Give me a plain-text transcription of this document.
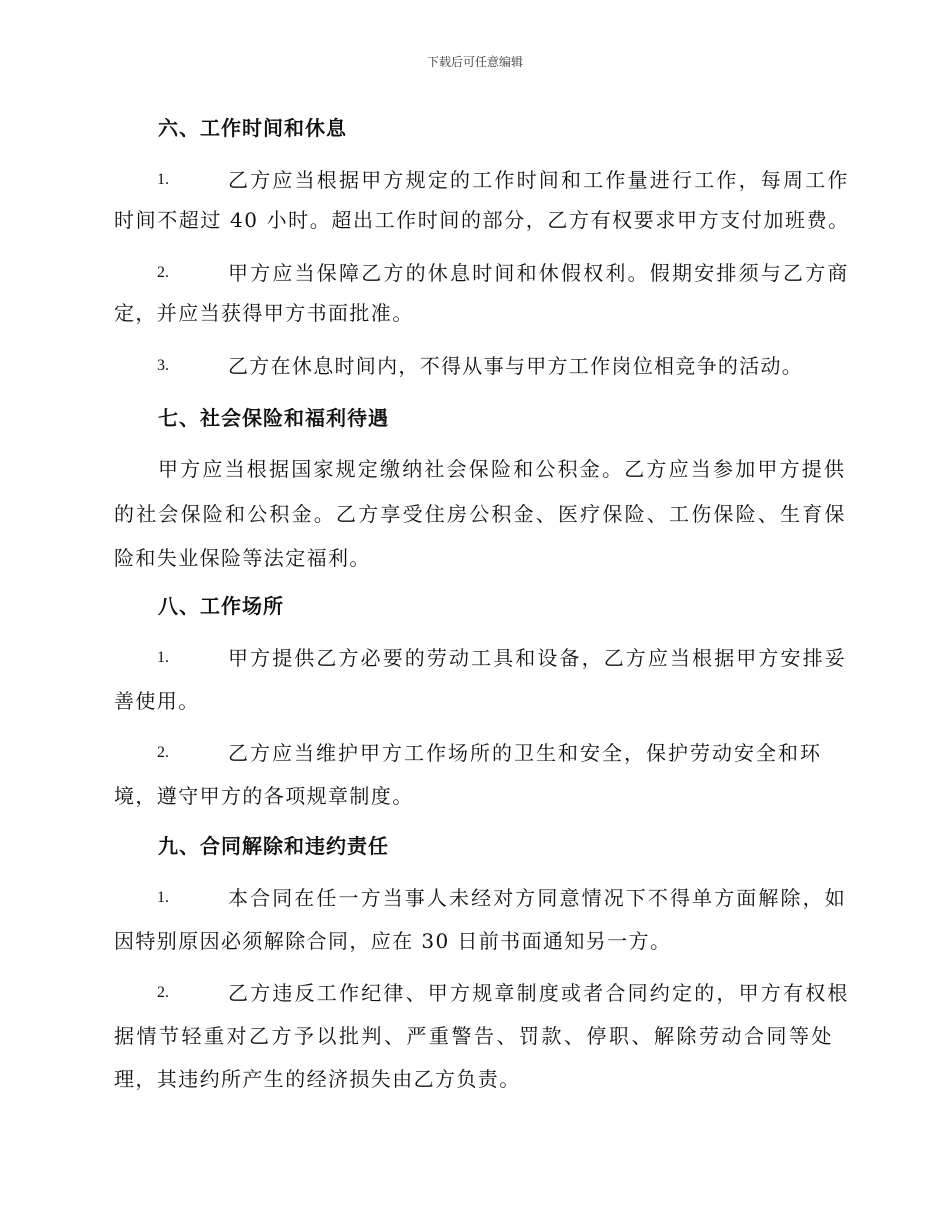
下载后可任意编辑
六、工作时间和休息
1.	乙方应当根据甲方规定的工作时间和工作量进行工作，每周工作
时间不超过 40 小时。超出工作时间的部分，乙方有权要求甲方支付加班费。
2.	甲方应当保障乙方的休息时间和休假权利。假期安排须与乙方商
定，并应当获得甲方书面批准。
3.	乙方在休息时间内，不得从事与甲方工作岗位相竞争的活动。
七、社会保险和福利待遇
甲方应当根据国家规定缴纳社会保险和公积金。乙方应当参加甲方提供
的社会保险和公积金。乙方享受住房公积金、医疗保险、工伤保险、生育保
险和失业保险等法定福利。
八、工作场所
1.	甲方提供乙方必要的劳动工具和设备，乙方应当根据甲方安排妥
善使用。
2.	乙方应当维护甲方工作场所的卫生和安全，保护劳动安全和环
境，遵守甲方的各项规章制度。
九、合同解除和违约责任
1.	本合同在任一方当事人未经对方同意情况下不得单方面解除，如
因特别原因必须解除合同，应在 30 日前书面通知另一方。
2.	乙方违反工作纪律、甲方规章制度或者合同约定的，甲方有权根
据情节轻重对乙方予以批判、严重警告、罚款、停职、解除劳动合同等处
理，其违约所产生的经济损失由乙方负责。
